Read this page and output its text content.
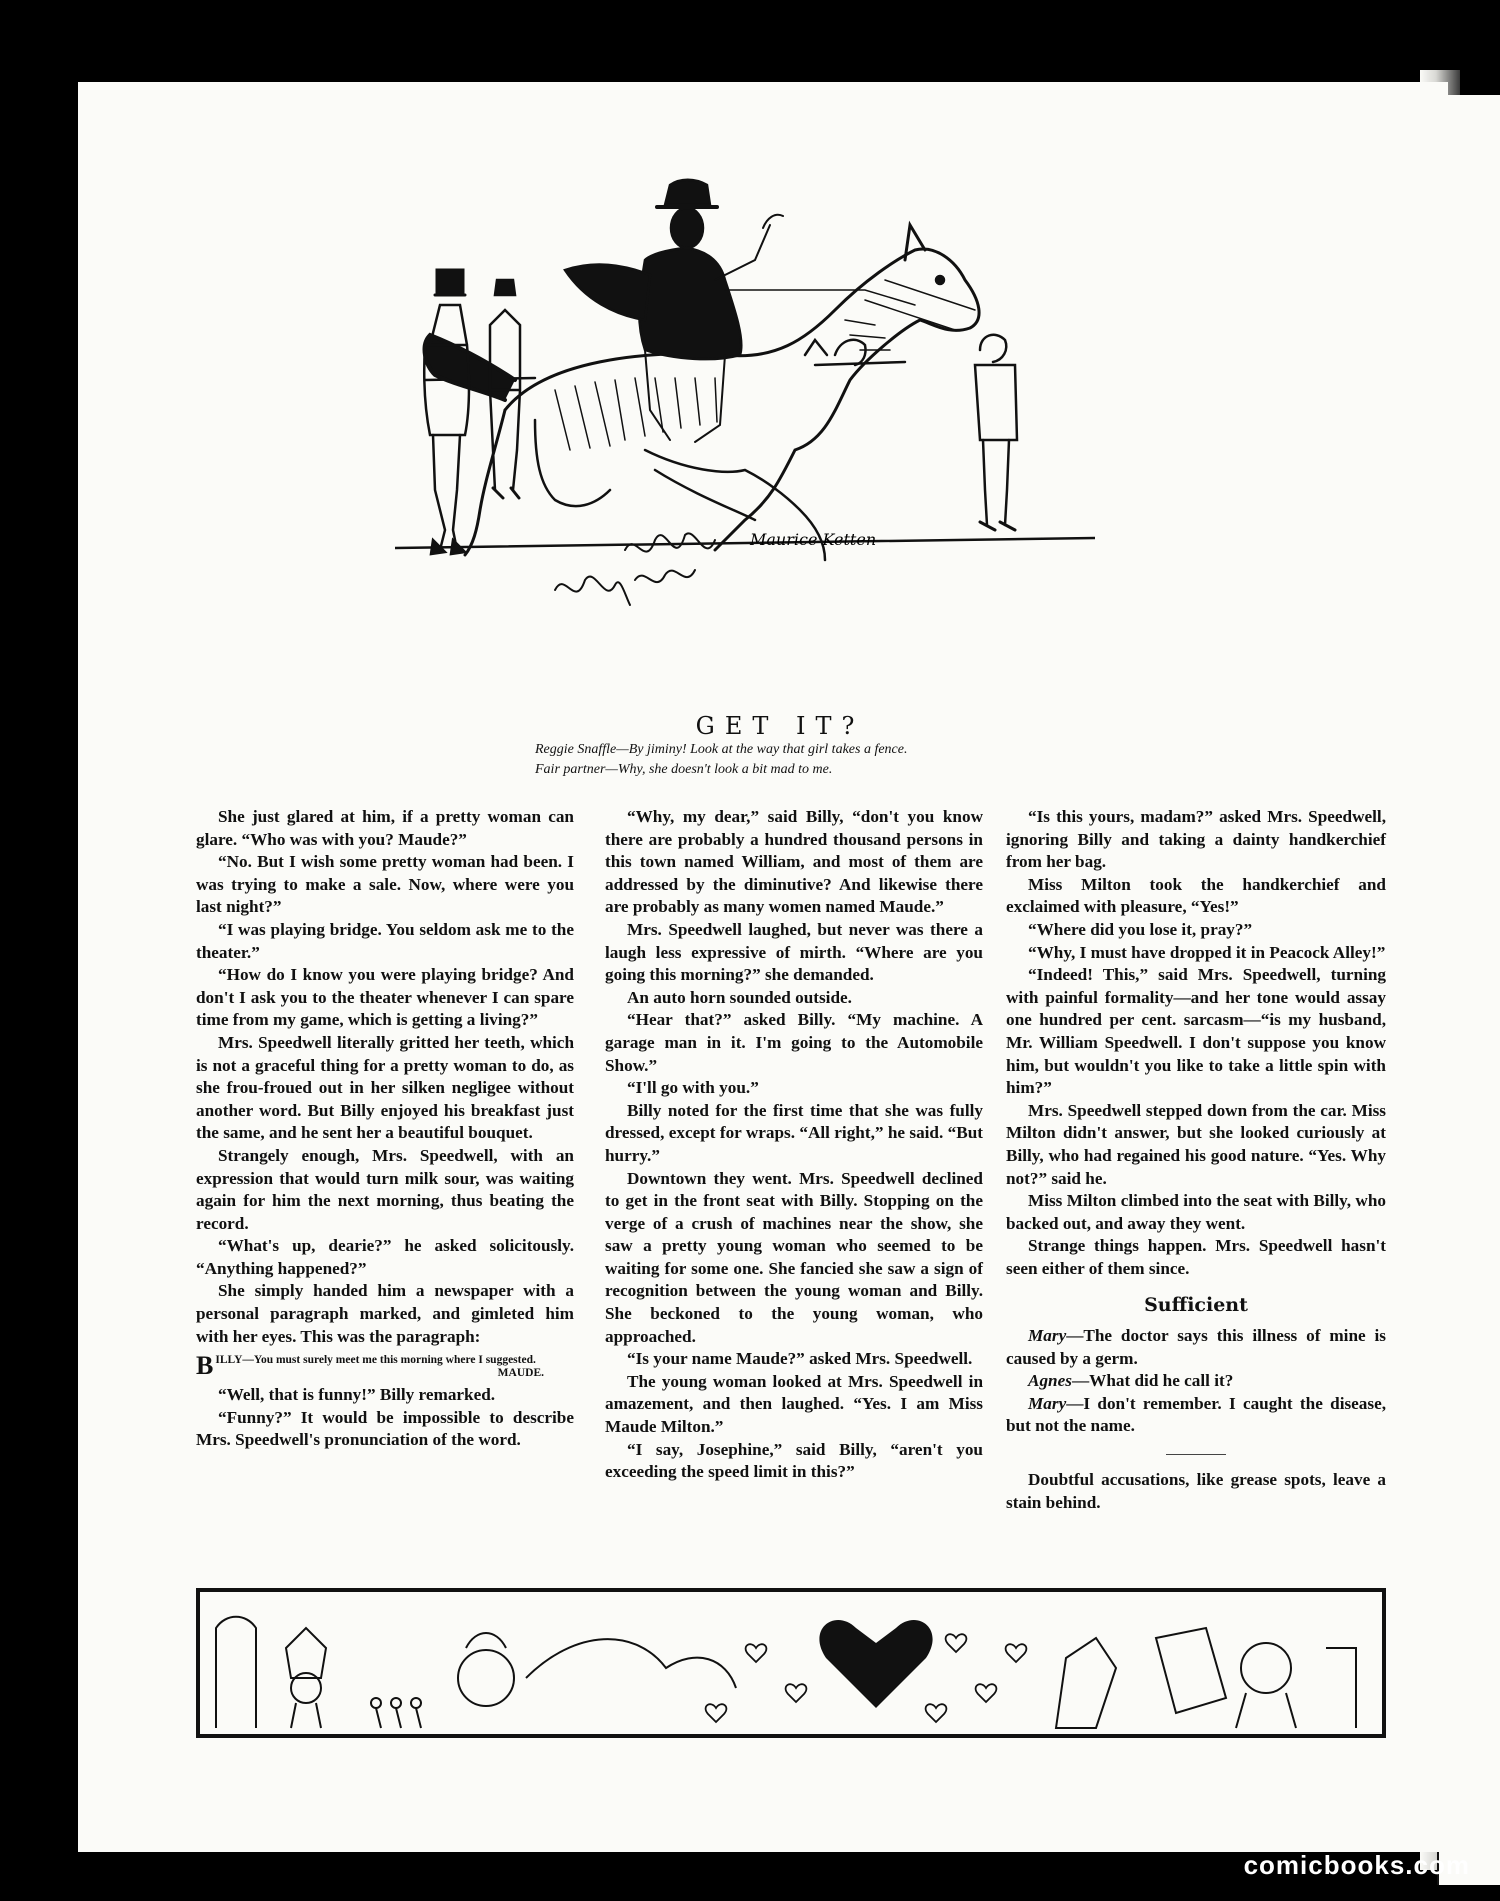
Maurice Ketten
GET IT?
Reggie Snaffle—By jiminy! Look at the way that girl takes a fence.
Fair partner—Why, she doesn't look a bit mad to me.

She just glared at him, if a pretty woman can glare. “Who was with you? Maude?”

“No. But I wish some pretty woman had been. I was trying to make a sale. Now, where were you last night?”

“I was playing bridge. You seldom ask me to the theater.”

“How do I know you were playing bridge? And don't I ask you to the theater whenever I can spare time from my game, which is getting a living?”

Mrs. Speedwell literally gritted her teeth, which is not a graceful thing for a pretty woman to do, as she frou-froued out in her silken negligee without another word. But Billy enjoyed his breakfast just the same, and he sent her a beautiful bouquet.

Strangely enough, Mrs. Speedwell, with an expression that would turn milk sour, was waiting again for him the next morning, thus beating the record.

“What's up, dearie?” he asked solicitously. “Anything happened?”

She simply handed him a newspaper with a personal paragraph marked, and gimleted him with her eyes. This was the paragraph:

B ILLY—You must surely meet me this morning where I suggested.
MAUDE.

“Well, that is funny!” Billy remarked.

“Funny?” It would be impossible to describe Mrs. Speedwell's pronunciation of the word.

“Why, my dear,” said Billy, “don't you know there are probably a hundred thousand persons in this town named William, and most of them are addressed by the diminutive? And likewise there are probably as many women named Maude.”

Mrs. Speedwell laughed, but never was there a laugh less expressive of mirth. “Where are you going this morning?” she demanded.

An auto horn sounded outside.

“Hear that?” asked Billy. “My machine. A garage man in it. I'm going to the Automobile Show.”

“I'll go with you.”

Billy noted for the first time that she was fully dressed, except for wraps. “All right,” he said. “But hurry.”

Downtown they went. Mrs. Speedwell declined to get in the front seat with Billy. Stopping on the verge of a crush of machines near the show, she saw a pretty young woman who seemed to be waiting for some one. She fancied she saw a sign of recognition between the young woman and Billy. She beckoned to the young woman, who approached.

“Is your name Maude?” asked Mrs. Speedwell.

The young woman looked at Mrs. Speedwell in amazement, and then laughed. “Yes. I am Miss Maude Milton.”

“I say, Josephine,” said Billy, “aren't you exceeding the speed limit in this?”

“Is this yours, madam?” asked Mrs. Speedwell, ignoring Billy and taking a dainty handkerchief from her bag.

Miss Milton took the handkerchief and exclaimed with pleasure, “Yes!”

“Where did you lose it, pray?”

“Why, I must have dropped it in Peacock Alley!”

“Indeed! This,” said Mrs. Speedwell, turning with painful formality—and her tone would assay one hundred per cent. sarcasm—“is my husband, Mr. William Speedwell. I don't suppose you know him, but wouldn't you like to take a little spin with him?”

Mrs. Speedwell stepped down from the car. Miss Milton didn't answer, but she looked curiously at Billy, who had regained his good nature. “Yes. Why not?” said he.

Miss Milton climbed into the seat with Billy, who backed out, and away they went.

Strange things happen. Mrs. Speedwell hasn't seen either of them since.

Sufficient

Mary—The doctor says this illness of mine is caused by a germ.

Agnes—What did he call it?

Mary—I don't remember. I caught the disease, but not the name.

Doubtful accusations, like grease spots, leave a stain behind.

comicbooks.com
